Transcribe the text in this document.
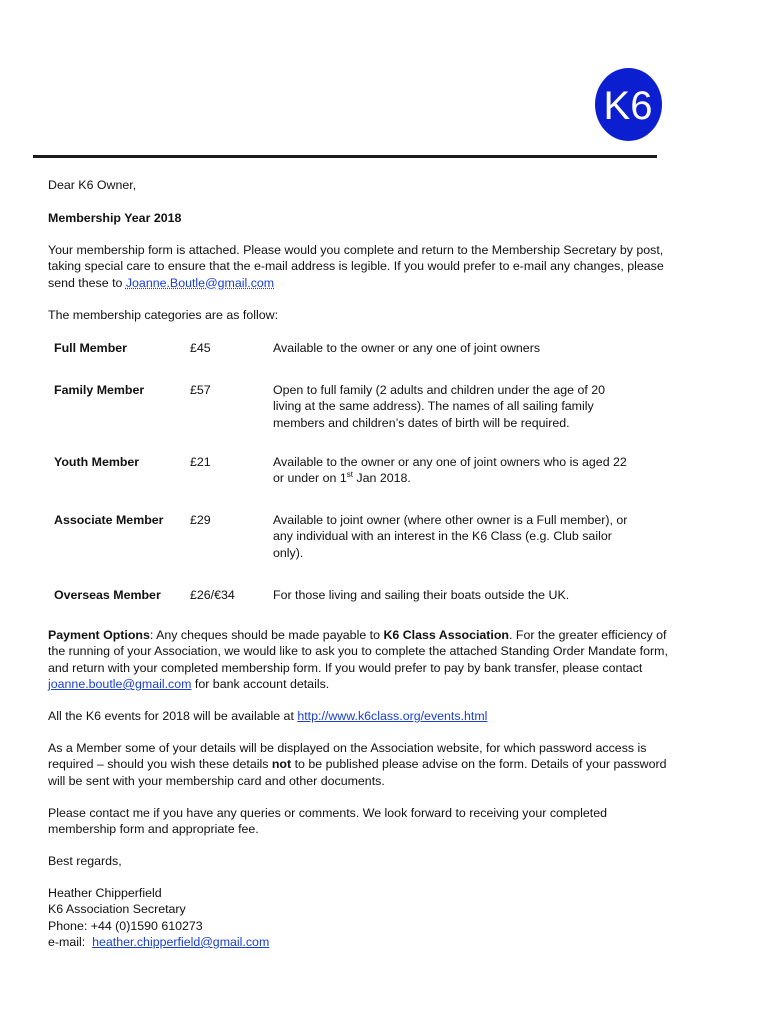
K6

Dear K6 Owner,

Membership Year 2018

Your membership form is attached. Please would you complete and return to the Membership Secretary by post, taking special care to ensure that the e-mail address is legible. If you would prefer to e-mail any changes, please send these to Joanne.Boutle@gmail.com

The membership categories are as follow:

Full Member	£45	Available to the owner or any one of joint owners
Family Member	£57	Open to full family (2 adults and children under the age of 20 living at the same address). The names of all sailing family members and children’s dates of birth will be required.
Youth Member	£21	Available to the owner or any one of joint owners who is aged 22 or under on 1st Jan 2018.
Associate Member £29	Available to joint owner (where other owner is a Full member), or any individual with an interest in the K6 Class (e.g. Club sailor only).
Overseas Member £26/€34	For those living and sailing their boats outside the UK.

Payment Options: Any cheques should be made payable to K6 Class Association. For the greater efficiency of the running of your Association, we would like to ask you to complete the attached Standing Order Mandate form, and return with your completed membership form. If you would prefer to pay by bank transfer, please contact joanne.boutle@gmail.com for bank account details.

All the K6 events for 2018 will be available at http://www.k6class.org/events.html

As a Member some of your details will be displayed on the Association website, for which password access is required – should you wish these details not to be published please advise on the form. Details of your password will be sent with your membership card and other documents.

Please contact me if you have any queries or comments. We look forward to receiving your completed membership form and appropriate fee.

Best regards,

Heather Chipperfield
K6 Association Secretary
Phone: +44 (0)1590 610273
e-mail:  heather.chipperfield@gmail.com
